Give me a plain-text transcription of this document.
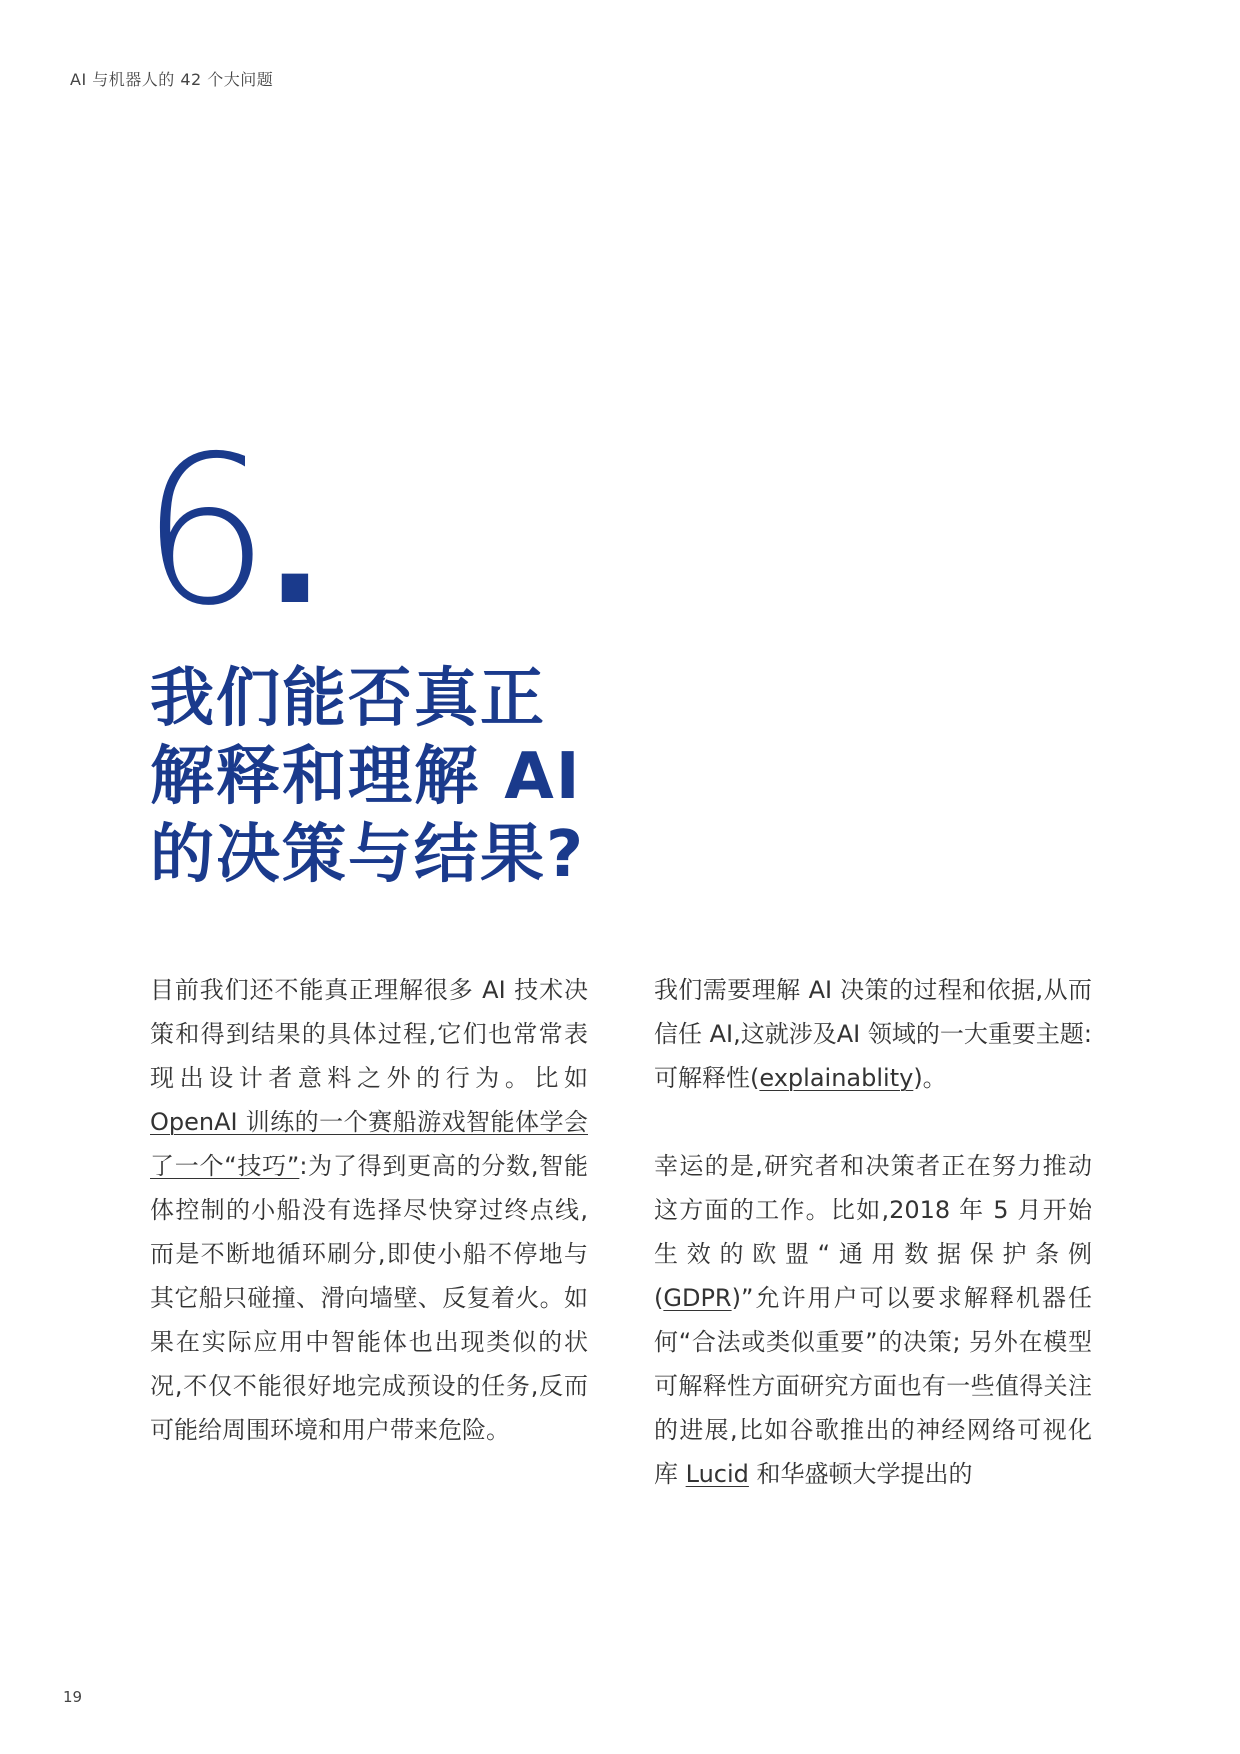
AI 与机器人的 42 个大问题
6.
我们能否真正
解释和理解 AI
的决策与结果?

目前我们还不能真正理解很多 AI 技术决策和得到结果的具体过程,它们也常常表现出设计者意料之外的行为。比如OpenAI 训练的一个赛船游戏智能体学会了一个“技巧”:为了得到更高的分数,智能体控制的小船没有选择尽快穿过终点线,而是不断地循环刷分,即使小船不停地与其它船只碰撞、滑向墙壁、反复着火。如果在实际应用中智能体也出现类似的状况,不仅不能很好地完成预设的任务,反而可能给周围环境和用户带来危险。

我们需要理解 AI 决策的过程和依据,从而信任 AI,这就涉及AI 领域的一大重要主题:可解释性(explainablity)。

幸运的是,研究者和决策者正在努力推动这方面的工作。比如,2018 年 5 月开始生效的欧盟“通用数据保护条例(GDPR)”允许用户可以要求解释机器任何“合法或类似重要”的决策; 另外在模型可解释性方面研究方面也有一些值得关注的进展,比如谷歌推出的神经网络可视化库 Lucid 和华盛顿大学提出的

19
